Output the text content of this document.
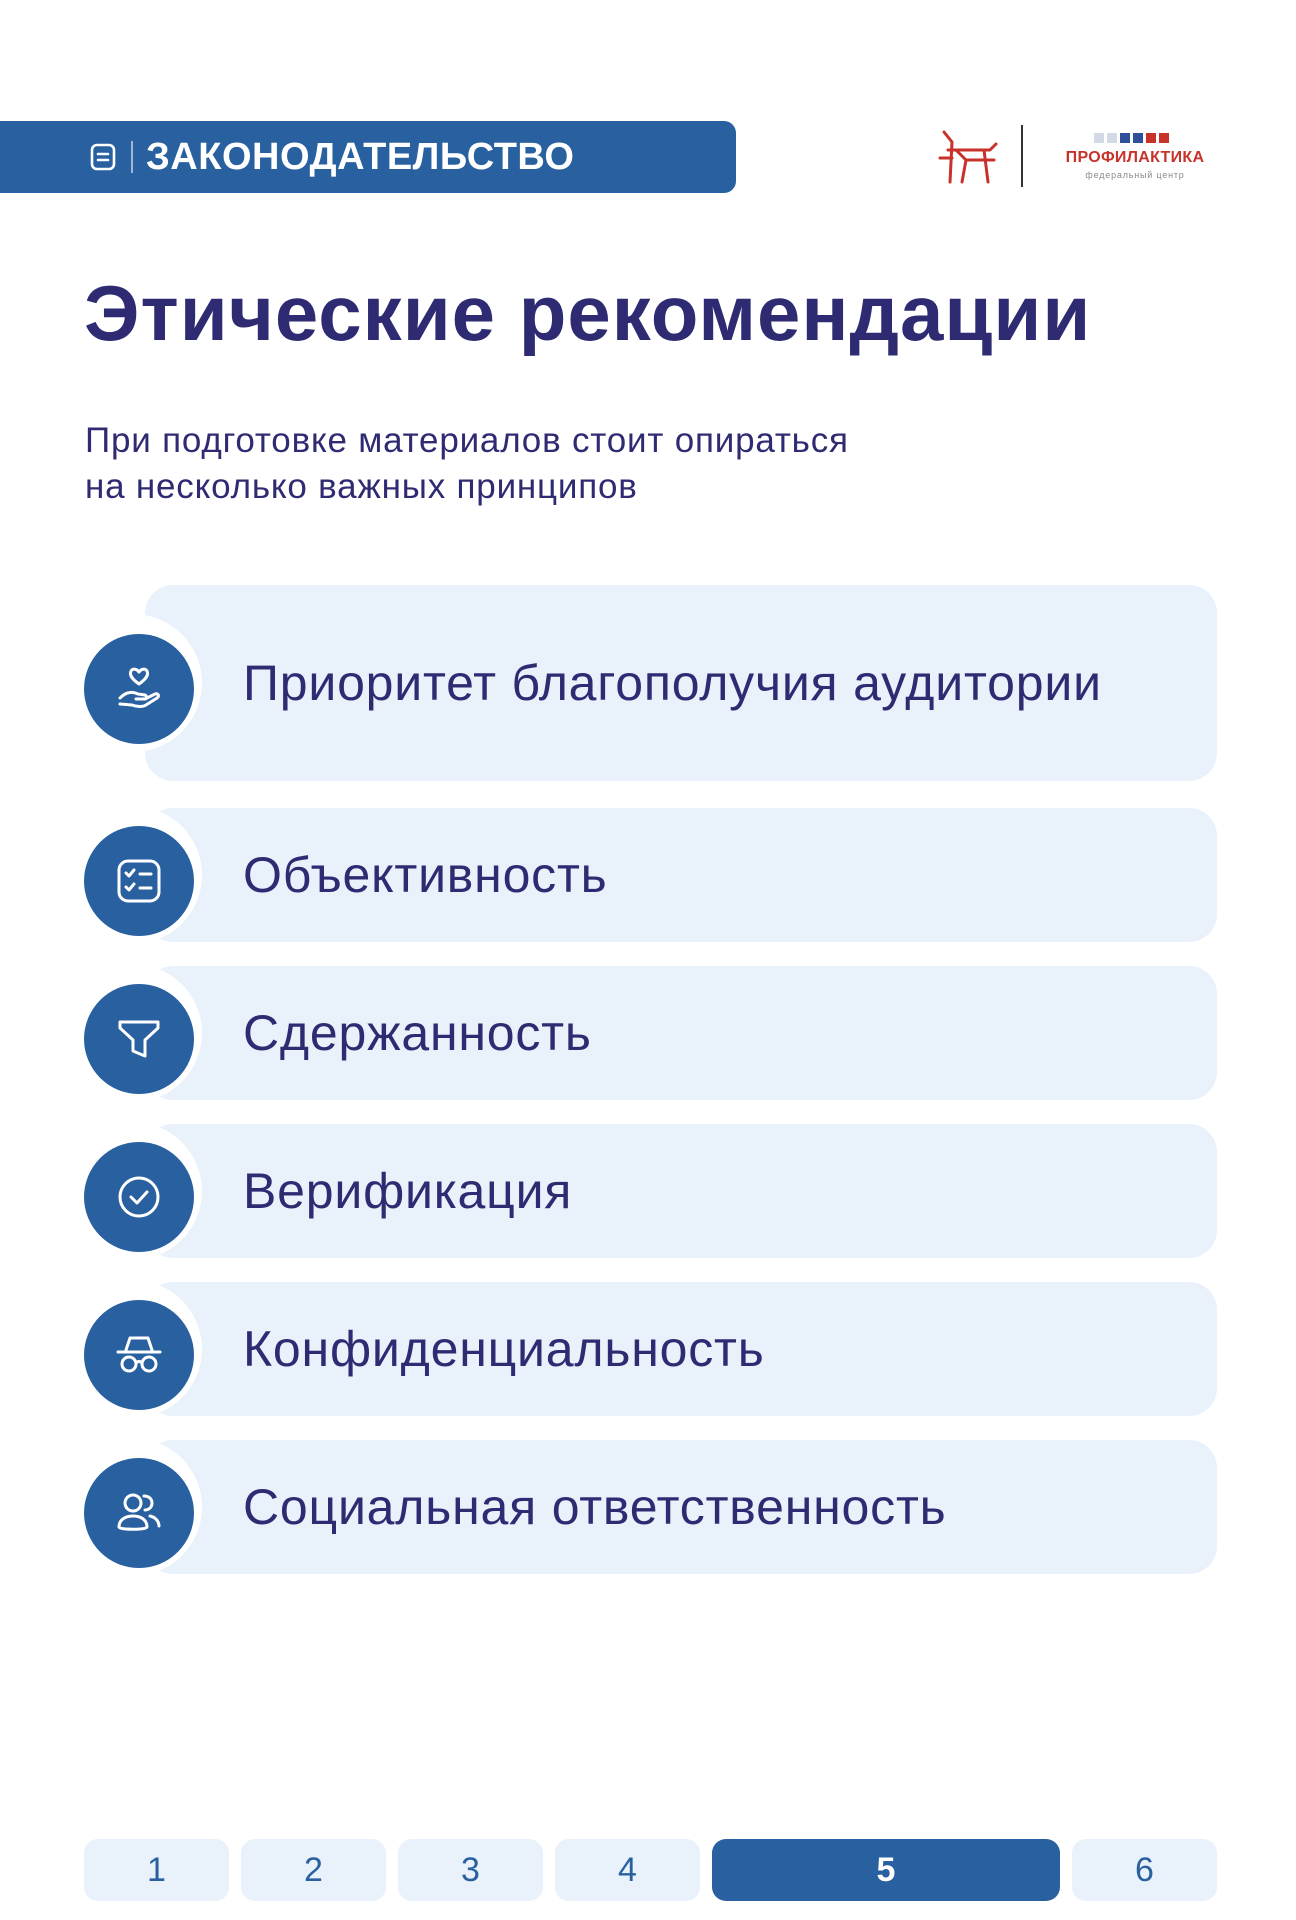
ЗАКОНОДАТЕЛЬСТВО	ПРОФИЛАКТИКА
федеральный центр
Этические рекомендации
При подготовке материалов стоит опираться
на несколько важных принципов
Приоритет благополучия аудитории
Объективность
Сдержанность
Верификация
Конфиденциальность
Социальная ответственность
1	2	3	4	5	6
